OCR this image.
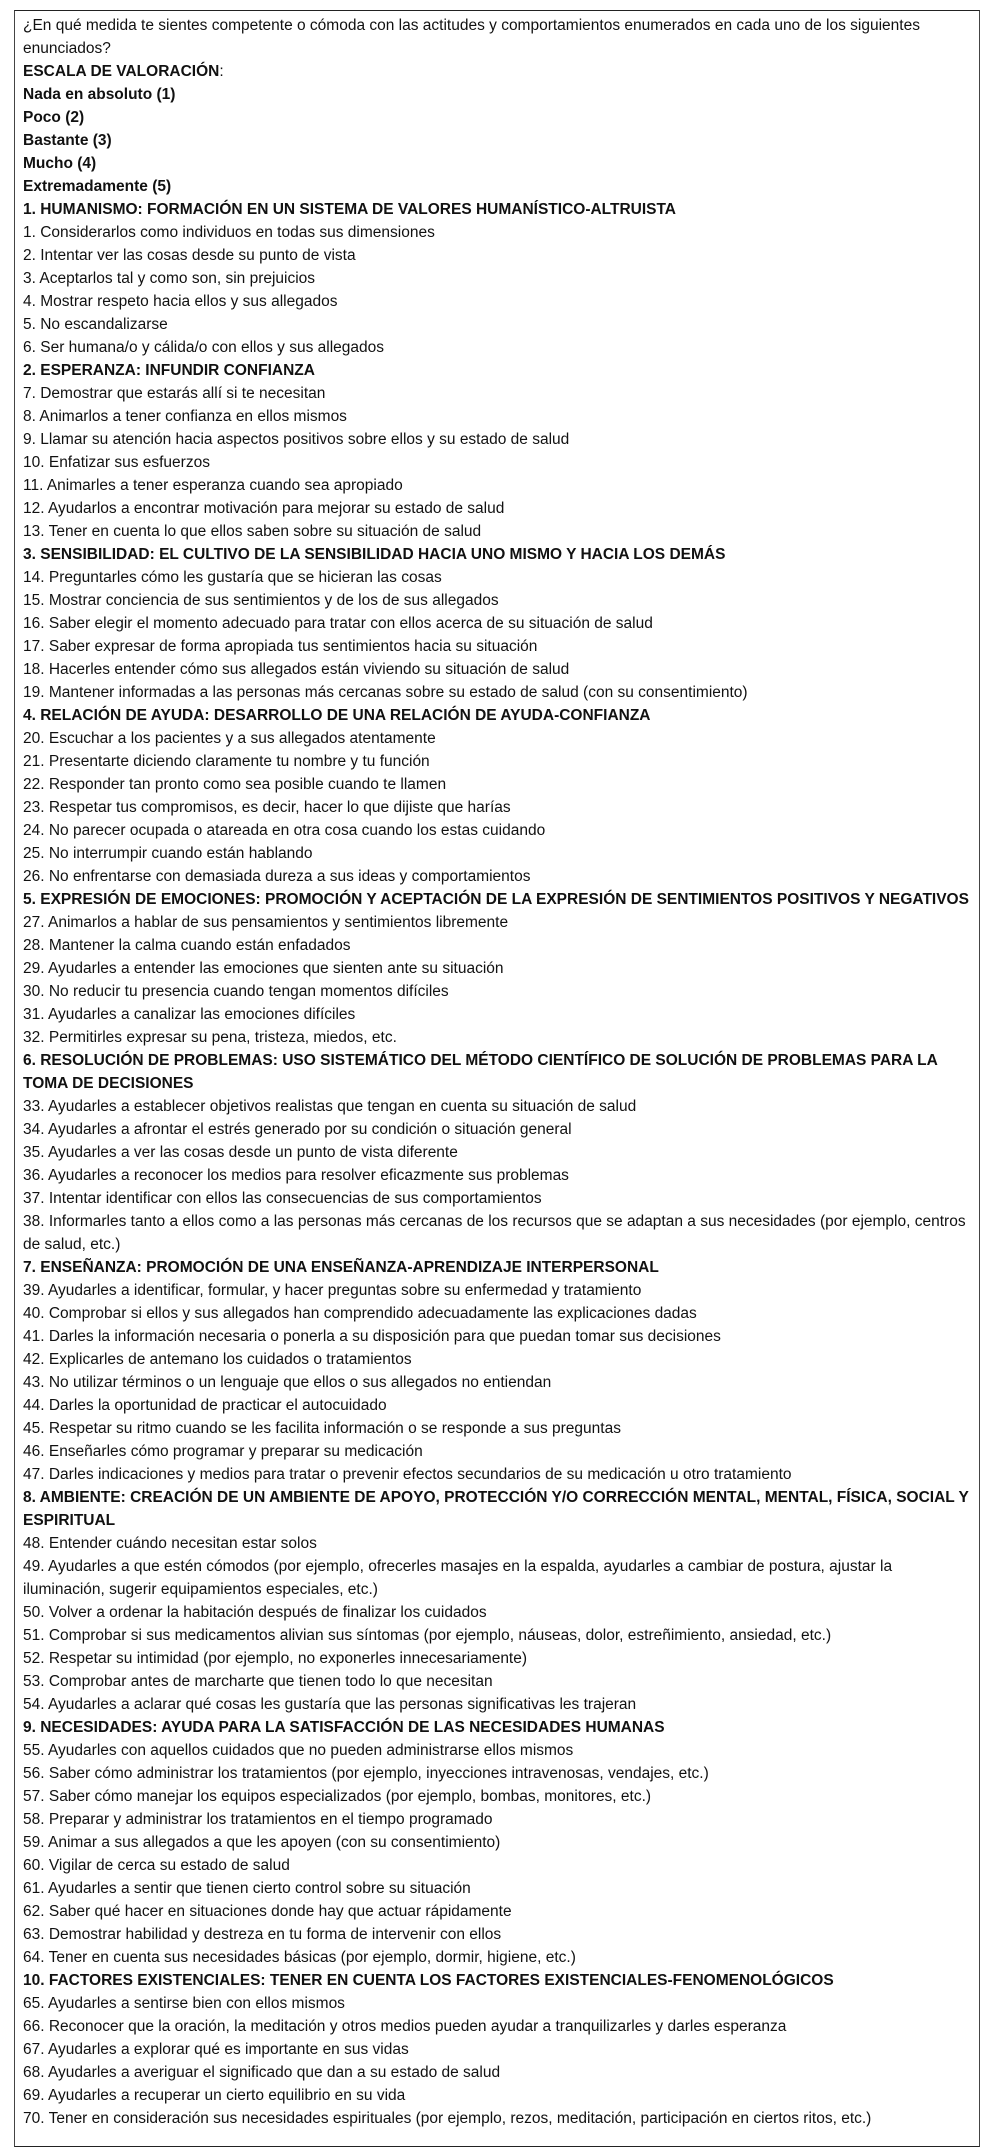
¿En qué medida te sientes competente o cómoda con las actitudes y comportamientos enumerados en cada uno de los siguientes enunciados?
ESCALA DE VALORACIÓN:
Nada en absoluto (1)
Poco (2)
Bastante (3)
Mucho (4)
Extremadamente (5)
1. HUMANISMO: FORMACIÓN EN UN SISTEMA DE VALORES HUMANÍSTICO-ALTRUISTA
1. Considerarlos como individuos en todas sus dimensiones
2. Intentar ver las cosas desde su punto de vista
3. Aceptarlos tal y como son, sin prejuicios
4. Mostrar respeto hacia ellos y sus allegados
5. No escandalizarse
6. Ser humana/o y cálida/o con ellos y sus allegados
2. ESPERANZA: INFUNDIR CONFIANZA
7. Demostrar que estarás allí si te necesitan
8. Animarlos a tener confianza en ellos mismos
9. Llamar su atención hacia aspectos positivos sobre ellos y su estado de salud
10. Enfatizar sus esfuerzos
11. Animarles a tener esperanza cuando sea apropiado
12. Ayudarlos a encontrar motivación para mejorar su estado de salud
13. Tener en cuenta lo que ellos saben sobre su situación de salud
3. SENSIBILIDAD: EL CULTIVO DE LA SENSIBILIDAD HACIA UNO MISMO Y HACIA LOS DEMÁS
14. Preguntarles cómo les gustaría que se hicieran las cosas
15. Mostrar conciencia de sus sentimientos y de los de sus allegados
16. Saber elegir el momento adecuado para tratar con ellos acerca de su situación de salud
17. Saber expresar de forma apropiada tus sentimientos hacia su situación
18. Hacerles entender cómo sus allegados están viviendo su situación de salud
19. Mantener informadas a las personas más cercanas sobre su estado de salud (con su consentimiento)
4. RELACIÓN DE AYUDA: DESARROLLO DE UNA RELACIÓN DE AYUDA-CONFIANZA
20. Escuchar a los pacientes y a sus allegados atentamente
21. Presentarte diciendo claramente tu nombre y tu función
22. Responder tan pronto como sea posible cuando te llamen
23. Respetar tus compromisos, es decir, hacer lo que dijiste que harías
24. No parecer ocupada o atareada en otra cosa cuando los estas cuidando
25. No interrumpir cuando están hablando
26. No enfrentarse con demasiada dureza a sus ideas y comportamientos
5. EXPRESIÓN DE EMOCIONES: PROMOCIÓN Y ACEPTACIÓN DE LA EXPRESIÓN DE SENTIMIENTOS POSITIVOS Y NEGATIVOS
27. Animarlos a hablar de sus pensamientos y sentimientos libremente
28. Mantener la calma cuando están enfadados
29. Ayudarles a entender las emociones que sienten ante su situación
30. No reducir tu presencia cuando tengan momentos difíciles
31. Ayudarles a canalizar las emociones difíciles
32. Permitirles expresar su pena, tristeza, miedos, etc.
6. RESOLUCIÓN DE PROBLEMAS: USO SISTEMÁTICO DEL MÉTODO CIENTÍFICO DE SOLUCIÓN DE PROBLEMAS PARA LA TOMA DE DECISIONES
33. Ayudarles a establecer objetivos realistas que tengan en cuenta su situación de salud
34. Ayudarles a afrontar el estrés generado por su condición o situación general
35. Ayudarles a ver las cosas desde un punto de vista diferente
36. Ayudarles a reconocer los medios para resolver eficazmente sus problemas
37. Intentar identificar con ellos las consecuencias de sus comportamientos
38. Informarles tanto a ellos como a las personas más cercanas de los recursos que se adaptan a sus necesidades (por ejemplo, centros de salud, etc.)
7. ENSEÑANZA: PROMOCIÓN DE UNA ENSEÑANZA-APRENDIZAJE INTERPERSONAL
39. Ayudarles a identificar, formular, y hacer preguntas sobre su enfermedad y tratamiento
40. Comprobar si ellos y sus allegados han comprendido adecuadamente las explicaciones dadas
41. Darles la información necesaria o ponerla a su disposición para que puedan tomar sus decisiones
42. Explicarles de antemano los cuidados o tratamientos
43. No utilizar términos o un lenguaje que ellos o sus allegados no entiendan
44. Darles la oportunidad de practicar el autocuidado
45. Respetar su ritmo cuando se les facilita información o se responde a sus preguntas
46. Enseñarles cómo programar y preparar su medicación
47. Darles indicaciones y medios para tratar o prevenir efectos secundarios de su medicación u otro tratamiento
8. AMBIENTE: CREACIÓN DE UN AMBIENTE DE APOYO, PROTECCIÓN Y/O CORRECCIÓN MENTAL, MENTAL, FÍSICA, SOCIAL Y ESPIRITUAL
48. Entender cuándo necesitan estar solos
49. Ayudarles a que estén cómodos (por ejemplo, ofrecerles masajes en la espalda, ayudarles a cambiar de postura, ajustar la iluminación, sugerir equipamientos especiales, etc.)
50. Volver a ordenar la habitación después de finalizar los cuidados
51. Comprobar si sus medicamentos alivian sus síntomas (por ejemplo, náuseas, dolor, estreñimiento, ansiedad, etc.)
52. Respetar su intimidad (por ejemplo, no exponerles innecesariamente)
53. Comprobar antes de marcharte que tienen todo lo que necesitan
54. Ayudarles a aclarar qué cosas les gustaría que las personas significativas les trajeran
9. NECESIDADES: AYUDA PARA LA SATISFACCIÓN DE LAS NECESIDADES HUMANAS
55. Ayudarles con aquellos cuidados que no pueden administrarse ellos mismos
56. Saber cómo administrar los tratamientos (por ejemplo, inyecciones intravenosas, vendajes, etc.)
57. Saber cómo manejar los equipos especializados (por ejemplo, bombas, monitores, etc.)
58. Preparar y administrar los tratamientos en el tiempo programado
59. Animar a sus allegados a que les apoyen (con su consentimiento)
60. Vigilar de cerca su estado de salud
61. Ayudarles a sentir que tienen cierto control sobre su situación
62. Saber qué hacer en situaciones donde hay que actuar rápidamente
63. Demostrar habilidad y destreza en tu forma de intervenir con ellos
64. Tener en cuenta sus necesidades básicas (por ejemplo, dormir, higiene, etc.)
10. FACTORES EXISTENCIALES: TENER EN CUENTA LOS FACTORES EXISTENCIALES-FENOMENOLÓGICOS
65. Ayudarles a sentirse bien con ellos mismos
66. Reconocer que la oración, la meditación y otros medios pueden ayudar a tranquilizarles y darles esperanza
67. Ayudarles a explorar qué es importante en sus vidas
68. Ayudarles a averiguar el significado que dan a su estado de salud
69. Ayudarles a recuperar un cierto equilibrio en su vida
70. Tener en consideración sus necesidades espirituales (por ejemplo, rezos, meditación, participación en ciertos ritos, etc.)
